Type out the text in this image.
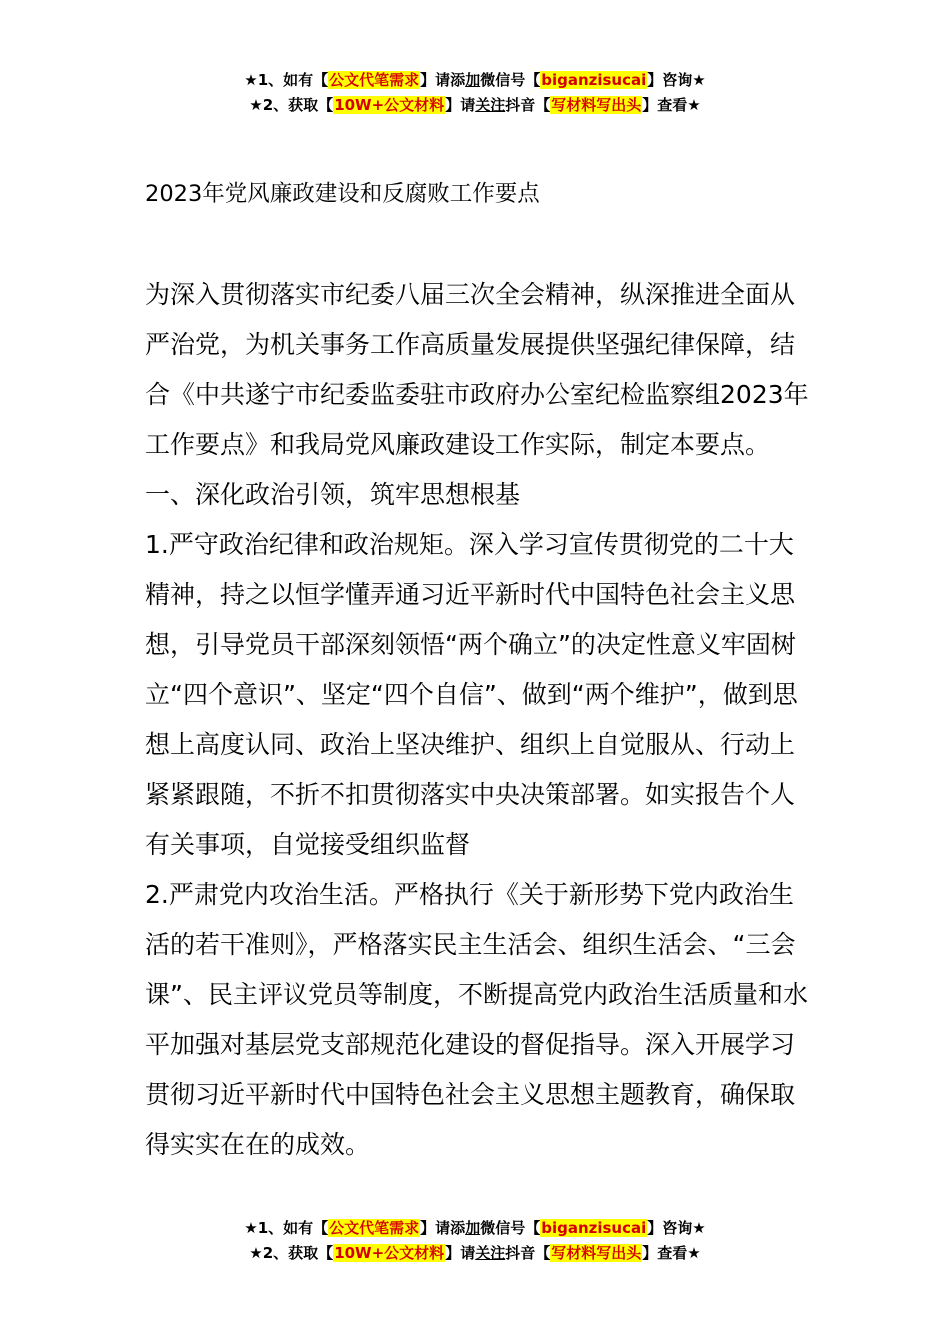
★1、如有【公文代笔需求】请添加微信号【biganzisucai】咨询★
★2、获取【10W+公文材料】请关注抖音【写材料写出头】查看★
2023年党风廉政建设和反腐败工作要点

为深入贯彻落实市纪委八届三次全会精神，纵深推进全面从严治党，为机关事务工作高质量发展提供坚强纪律保障，结合《中共遂宁市纪委监委驻市政府办公室纪检监察组2023年工作要点》和我局党风廉政建设工作实际，制定本要点。

一、深化政治引领，筑牢思想根基

1.严守政治纪律和政治规矩。深入学习宣传贯彻党的二十大精神，持之以恒学懂弄通习近平新时代中国特色社会主义思想，引导党员干部深刻领悟“两个确立”的决定性意义牢固树立“四个意识”、坚定“四个自信”、做到“两个维护”，做到思想上高度认同、政治上坚决维护、组织上自觉服从、行动上紧紧跟随，不折不扣贯彻落实中央决策部署。如实报告个人有关事项，自觉接受组织监督

2.严肃党内攻治生活。严格执行《关于新形势下党内政治生活的若干准则》，严格落实民主生活会、组织生活会、“三会课”、民主评议党员等制度，不断提高党内政治生活质量和水平加强对基层党支部规范化建设的督促指导。深入开展学习贯彻习近平新时代中国特色社会主义思想主题教育，确保取得实实在在的成效。

★1、如有【公文代笔需求】请添加微信号【biganzisucai】咨询★
★2、获取【10W+公文材料】请关注抖音【写材料写出头】查看★
